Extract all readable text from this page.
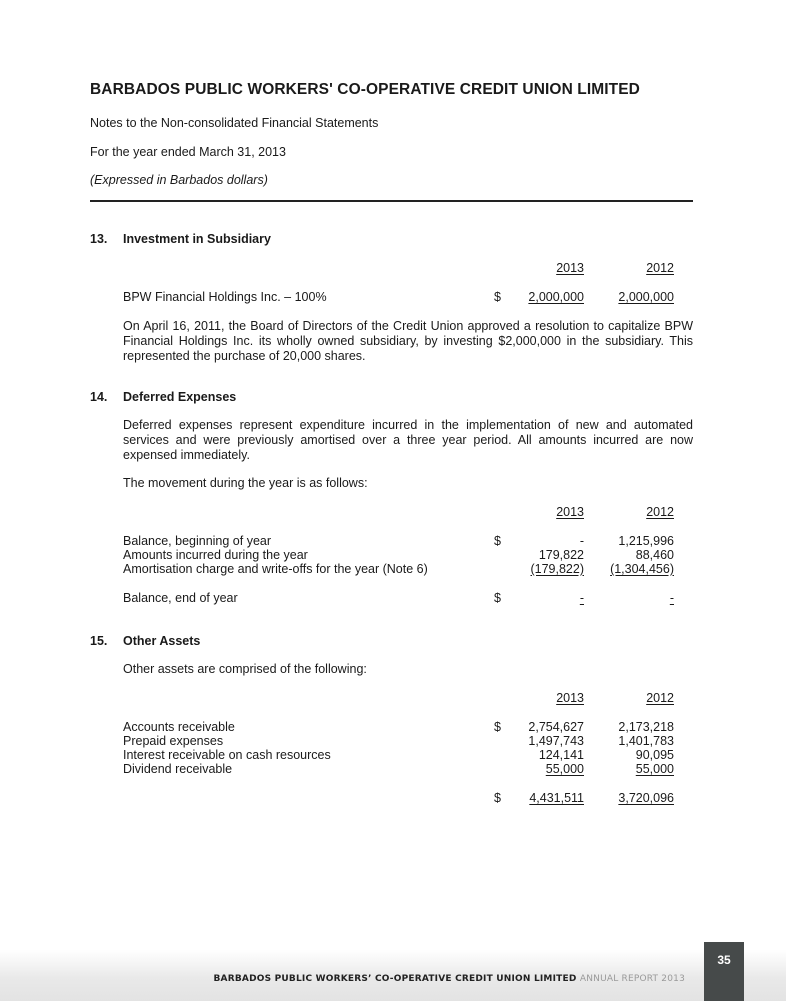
BARBADOS PUBLIC WORKERS' CO-OPERATIVE CREDIT UNION LIMITED
Notes to the Non-consolidated Financial Statements
For the year ended March 31, 2013
(Expressed in Barbados dollars)
13. Investment in Subsidiary
2013	2012
BPW Financial Holdings Inc. – 100%	$	2,000,000	2,000,000
On April 16, 2011, the Board of Directors of the Credit Union approved a resolution to capitalize BPW Financial Holdings Inc. its wholly owned subsidiary, by investing $2,000,000 in the subsidiary. This represented the purchase of 20,000 shares.
14. Deferred Expenses
Deferred expenses represent expenditure incurred in the implementation of new and automated services and were previously amortised over a three year period. All amounts incurred are now expensed immediately.
The movement during the year is as follows:
2013	2012
Balance, beginning of year	$	-	1,215,996
Amounts incurred during the year	179,822	88,460
Amortisation charge and write-offs for the year (Note 6)	(179,822)	(1,304,456)
Balance, end of year	$	-	-
15. Other Assets
Other assets are comprised of the following:
2013	2012
Accounts receivable	$	2,754,627	2,173,218
Prepaid expenses	1,497,743	1,401,783
Interest receivable on cash resources	124,141	90,095
Dividend receivable	55,000	55,000
$	4,431,511	3,720,096
BARBADOS PUBLIC WORKERS’ CO-OPERATIVE CREDIT UNION LIMITED ANNUAL REPORT 2013
35
